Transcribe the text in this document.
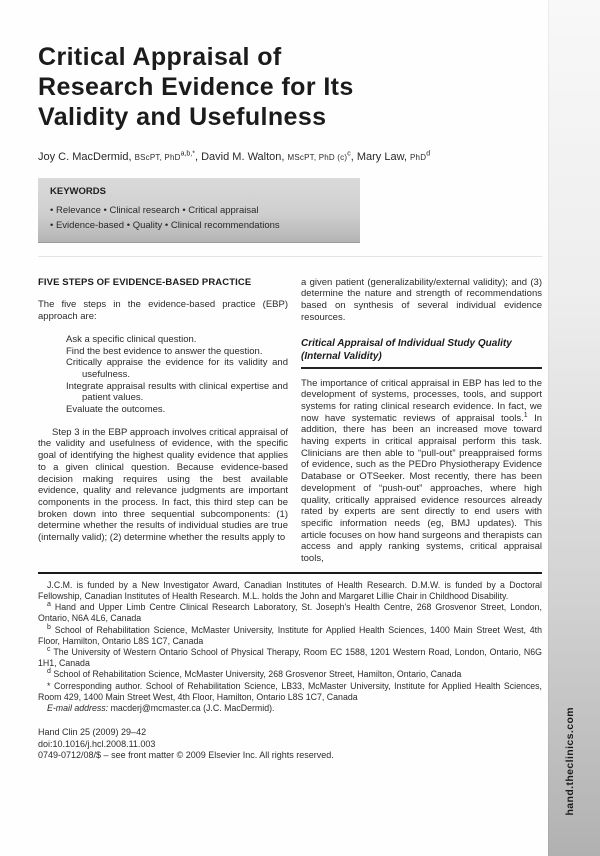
hand.theclinics.com
Critical Appraisal of
Research Evidence for Its
Validity and Usefulness
Joy C. MacDermid, BScPT, PhD$^{a,b,*}$, David M. Walton, MScPT, PhD $(c)^c$, Mary Law, PhD$^d$

KEYWORDS

• Relevance • Clinical research • Critical appraisal

• Evidence-based • Quality • Clinical recommendations

FIVE STEPS OF EVIDENCE-BASED PRACTICE

The five steps in the evidence-based practice (EBP) approach are:

Ask a specific clinical question.
Find the best evidence to answer the question.
Critically appraise the evidence for its validity and usefulness.
Integrate appraisal results with clinical expertise and patient values.
Evaluate the outcomes.

Step 3 in the EBP approach involves critical appraisal of the validity and usefulness of evidence, with the specific goal of identifying the highest quality evidence that applies to a given clinical question. Because evidence-based decision making requires using the best available evidence, quality and relevance judgments are important components in the process. In fact, this third step can be broken down into three sequential subcomponents: (1) determine whether the results of individual studies are true (internally valid); (2) determine whether the results apply to

a given patient (generalizability/external validity); and (3) determine the nature and strength of recommendations based on synthesis of several individual evidence resources.

Critical Appraisal of Individual Study Quality (Internal Validity)

The importance of critical appraisal in EBP has led to the development of systems, processes, tools, and support systems for rating clinical research evidence. In fact, we now have systematic reviews of appraisal tools.$^1$ In addition, there has been an increased move toward having experts in critical appraisal perform this task. Clinicians are then able to “pull-out” preappraised forms of evidence, such as the PEDro Physiotherapy Evidence Database or OTSeeker. Most recently, there has been development of “push-out” approaches, where high quality, critically appraised evidence resources already rated by experts are sent directly to end users with specific information needs (eg, BMJ updates). This article focuses on how hand surgeons and therapists can access and apply ranking systems, critical appraisal tools,

J.C.M. is funded by a New Investigator Award, Canadian Institutes of Health Research. D.M.W. is funded by a Doctoral Fellowship, Canadian Institutes of Health Research. M.L. holds the John and Margaret Lillie Chair in Childhood Disability.

$^a$ Hand and Upper Limb Centre Clinical Research Laboratory, St. Joseph's Health Centre, 268 Grosvenor Street, London, Ontario, N6A 4L6, Canada

$^b$ School of Rehabilitation Science, McMaster University, Institute for Applied Health Sciences, 1400 Main Street West, 4th Floor, Hamilton, Ontario L8S 1C7, Canada

$^c$ The University of Western Ontario School of Physical Therapy, Room EC 1588, 1201 Western Road, London, Ontario, N6G 1H1, Canada

$^d$ School of Rehabilitation Science, McMaster University, 268 Grosvenor Street, Hamilton, Ontario, Canada

* Corresponding author. School of Rehabilitation Science, LB33, McMaster University, Institute for Applied Health Sciences, Room 429, 1400 Main Street West, 4th Floor, Hamilton, Ontario L8S 1C7, Canada

E-mail address: macderj@mcmaster.ca (J.C. MacDermid).

Hand Clin 25 (2009) 29–42

doi:10.1016/j.hcl.2008.11.003

0749-0712/08/$ – see front matter © 2009 Elsevier Inc. All rights reserved.
